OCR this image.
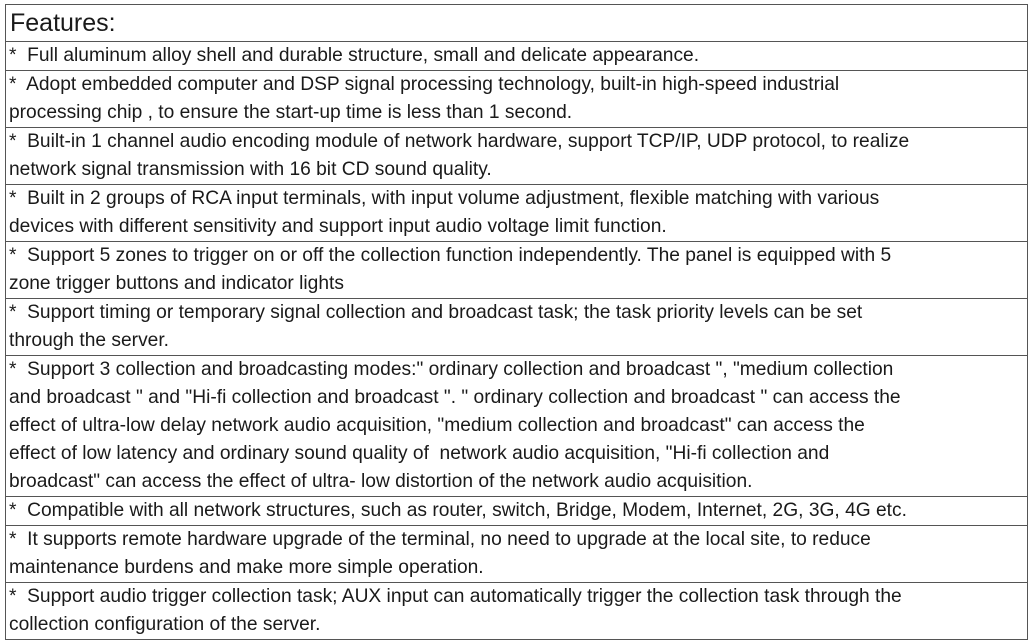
Features:
*  Full aluminum alloy shell and durable structure, small and delicate appearance.
*  Adopt embedded computer and DSP signal processing technology, built-in high-speed industrial
processing chip , to ensure the start-up time is less than 1 second.
*  Built-in 1 channel audio encoding module of network hardware, support TCP/IP, UDP protocol, to realize
network signal transmission with 16 bit CD sound quality.
*  Built in 2 groups of RCA input terminals, with input volume adjustment, flexible matching with various
devices with different sensitivity and support input audio voltage limit function.
*  Support 5 zones to trigger on or off the collection function independently. The panel is equipped with 5
zone trigger buttons and indicator lights
*  Support timing or temporary signal collection and broadcast task; the task priority levels can be set
through the server.
*  Support 3 collection and broadcasting modes:" ordinary collection and broadcast ", "medium collection
and broadcast " and "Hi-fi collection and broadcast ". " ordinary collection and broadcast " can access the
effect of ultra-low delay network audio acquisition, "medium collection and broadcast" can access the
effect of low latency and ordinary sound quality of  network audio acquisition, "Hi-fi collection and
broadcast" can access the effect of ultra- low distortion of the network audio acquisition.
*  Compatible with all network structures, such as router, switch, Bridge, Modem, Internet, 2G, 3G, 4G etc.
*  It supports remote hardware upgrade of the terminal, no need to upgrade at the local site, to reduce
maintenance burdens and make more simple operation.
*  Support audio trigger collection task; AUX input can automatically trigger the collection task through the
collection configuration of the server.
